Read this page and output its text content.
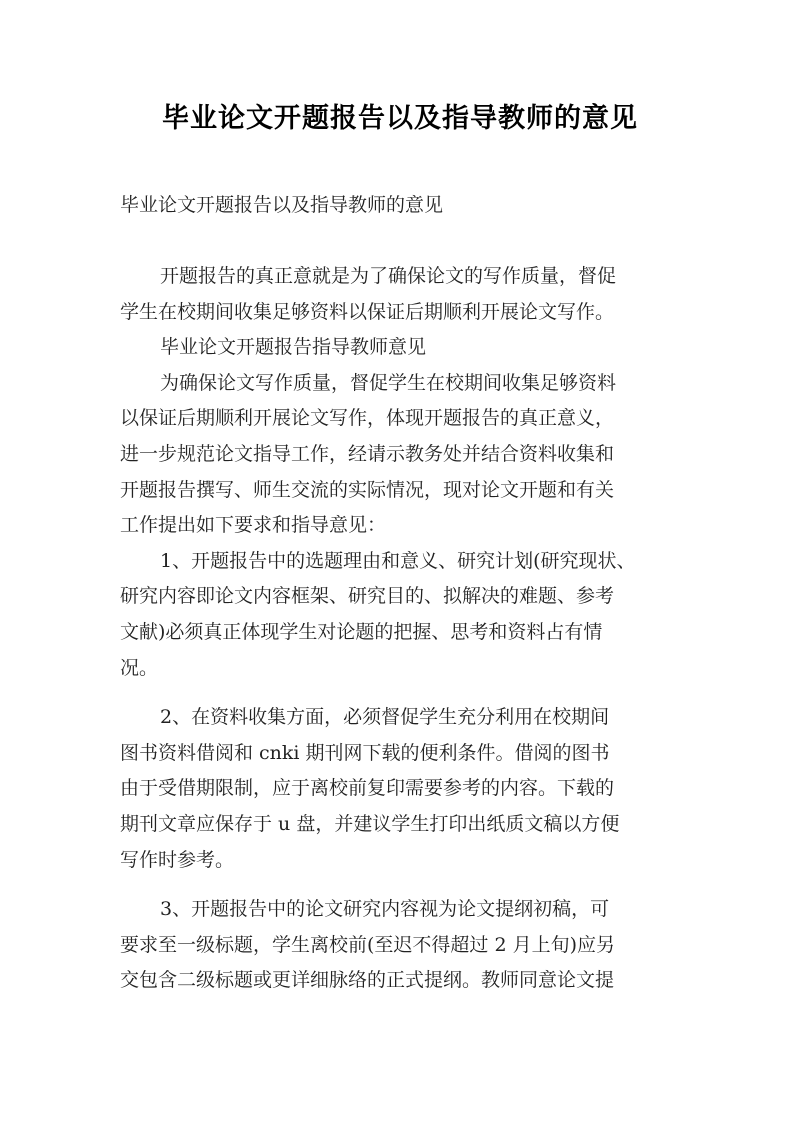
毕业论文开题报告以及指导教师的意见

毕业论文开题报告以及指导教师的意见

开题报告的真正意就是为了确保论文的写作质量，督促
学生在校期间收集足够资料以保证后期顺利开展论文写作。
毕业论文开题报告指导教师意见
为确保论文写作质量，督促学生在校期间收集足够资料
以保证后期顺利开展论文写作，体现开题报告的真正意义，
进一步规范论文指导工作，经请示教务处并结合资料收集和
开题报告撰写、师生交流的实际情况，现对论文开题和有关
工作提出如下要求和指导意见：
1、开题报告中的选题理由和意义、研究计划(研究现状、
研究内容即论文内容框架、研究目的、拟解决的难题、参考
文献)必须真正体现学生对论题的把握、思考和资料占有情
况。
2、在资料收集方面，必须督促学生充分利用在校期间
图书资料借阅和 cnki 期刊网下载的便利条件。借阅的图书
由于受借期限制，应于离校前复印需要参考的内容。下载的
期刊文章应保存于 u 盘，并建议学生打印出纸质文稿以方便
写作时参考。
3、开题报告中的论文研究内容视为论文提纲初稿，可
要求至一级标题，学生离校前(至迟不得超过 2 月上旬)应另
交包含二级标题或更详细脉络的正式提纲。教师同意论文提
